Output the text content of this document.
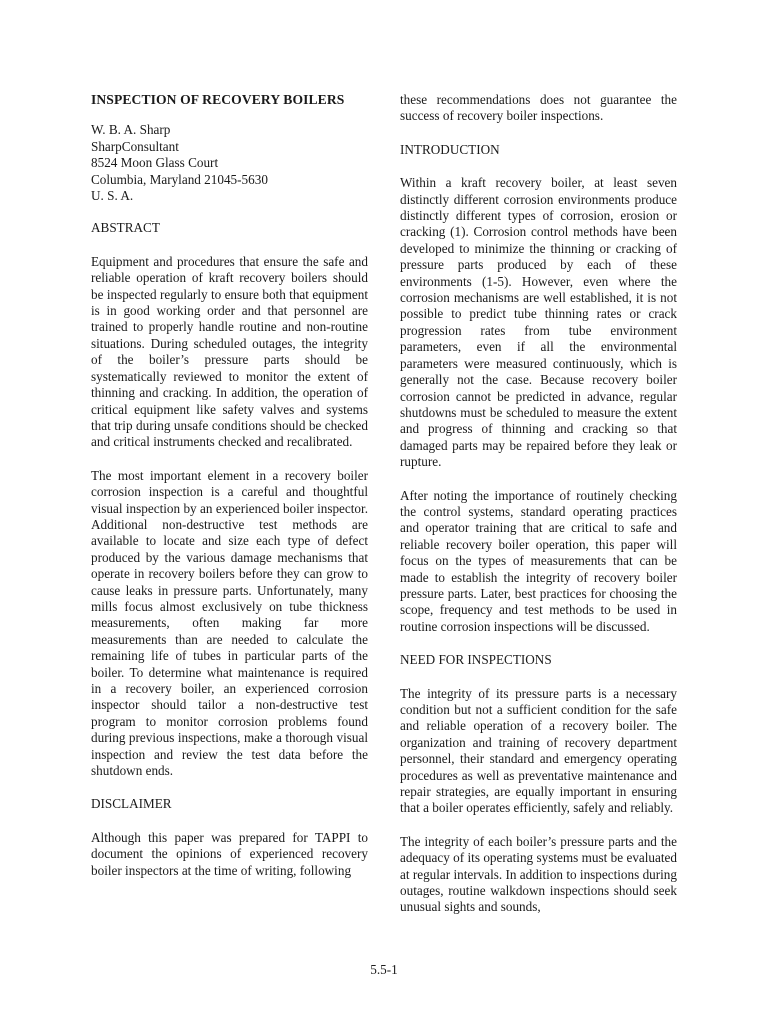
INSPECTION OF RECOVERY BOILERS
W. B. A. Sharp
SharpConsultant
8524 Moon Glass Court
Columbia, Maryland 21045-5630
U. S. A.
ABSTRACT

Equipment and procedures that ensure the safe and reliable operation of kraft recovery boilers should be inspected regularly to ensure both that equipment is in good working order and that personnel are trained to properly handle routine and non-routine situations. During scheduled outages, the integrity of the boiler’s pressure parts should be systematically reviewed to monitor the extent of thinning and cracking. In addition, the operation of critical equipment like safety valves and systems that trip during unsafe conditions should be checked and critical instruments checked and recalibrated.

The most important element in a recovery boiler corrosion inspection is a careful and thoughtful visual inspection by an experienced boiler inspector. Additional non-destructive test methods are available to locate and size each type of defect produced by the various damage mechanisms that operate in recovery boilers before they can grow to cause leaks in pressure parts. Unfortunately, many mills focus almost exclusively on tube thickness measurements, often making far more measurements than are needed to calculate the remaining life of tubes in particular parts of the boiler. To determine what maintenance is required in a recovery boiler, an experienced corrosion inspector should tailor a non-destructive test program to monitor corrosion problems found during previous inspections, make a thorough visual inspection and review the test data before the shutdown ends.

DISCLAIMER

Although this paper was prepared for TAPPI to document the opinions of experienced recovery boiler inspectors at the time of writing, following

these recommendations does not guarantee the success of recovery boiler inspections.

INTRODUCTION

Within a kraft recovery boiler, at least seven distinctly different corrosion environments produce distinctly different types of corrosion, erosion or cracking (1). Corrosion control methods have been developed to minimize the thinning or cracking of pressure parts produced by each of these environments (1-5). However, even where the corrosion mechanisms are well established, it is not possible to predict tube thinning rates or crack progression rates from tube environment parameters, even if all the environmental parameters were measured continuously, which is generally not the case. Because recovery boiler corrosion cannot be predicted in advance, regular shutdowns must be scheduled to measure the extent and progress of thinning and cracking so that damaged parts may be repaired before they leak or rupture.

After noting the importance of routinely checking the control systems, standard operating practices and operator training that are critical to safe and reliable recovery boiler operation, this paper will focus on the types of measurements that can be made to establish the integrity of recovery boiler pressure parts. Later, best practices for choosing the scope, frequency and test methods to be used in routine corrosion inspections will be discussed.

NEED FOR INSPECTIONS

The integrity of its pressure parts is a necessary condition but not a sufficient condition for the safe and reliable operation of a recovery boiler. The organization and training of recovery department personnel, their standard and emergency operating procedures as well as preventative maintenance and repair strategies, are equally important in ensuring that a boiler operates efficiently, safely and reliably.

The integrity of each boiler’s pressure parts and the adequacy of its operating systems must be evaluated at regular intervals. In addition to inspections during outages, routine walkdown inspections should seek unusual sights and sounds,

5.5-1
